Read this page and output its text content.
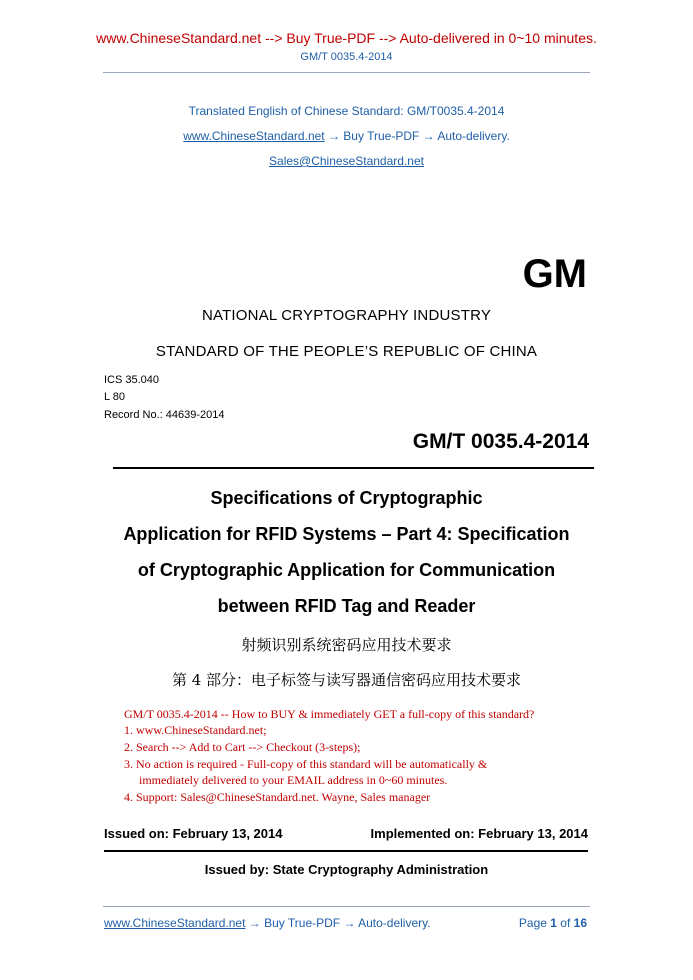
www.ChineseStandard.net --> Buy True-PDF --> Auto-delivered in 0~10 minutes.
GM/T 0035.4-2014
Translated English of Chinese Standard: GM/T0035.4-2014
www.ChineseStandard.net → Buy True-PDF → Auto-delivery.
Sales@ChineseStandard.net
GM
NATIONAL CRYPTOGRAPHY INDUSTRY
STANDARD OF THE PEOPLE’S REPUBLIC OF CHINA
ICS 35.040
L 80
Record No.: 44639-2014
GM/T 0035.4-2014
Specifications of Cryptographic
Application for RFID Systems – Part 4: Specification
of Cryptographic Application for Communication
between RFID Tag and Reader
射频识别系统密码应用技术要求
第 4 部分：电子标签与读写器通信密码应用技术要求
GM/T 0035.4-2014 -- How to BUY & immediately GET a full-copy of this standard?
1. www.ChineseStandard.net;
2. Search --> Add to Cart --> Checkout (3-steps);
3. No action is required - Full-copy of this standard will be automatically &
immediately delivered to your EMAIL address in 0~60 minutes.
4. Support: Sales@ChineseStandard.net. Wayne, Sales manager
Issued on: February 13, 2014	Implemented on: February 13, 2014
Issued by: State Cryptography Administration
www.ChineseStandard.net → Buy True-PDF → Auto-delivery.	Page 1 of 16
